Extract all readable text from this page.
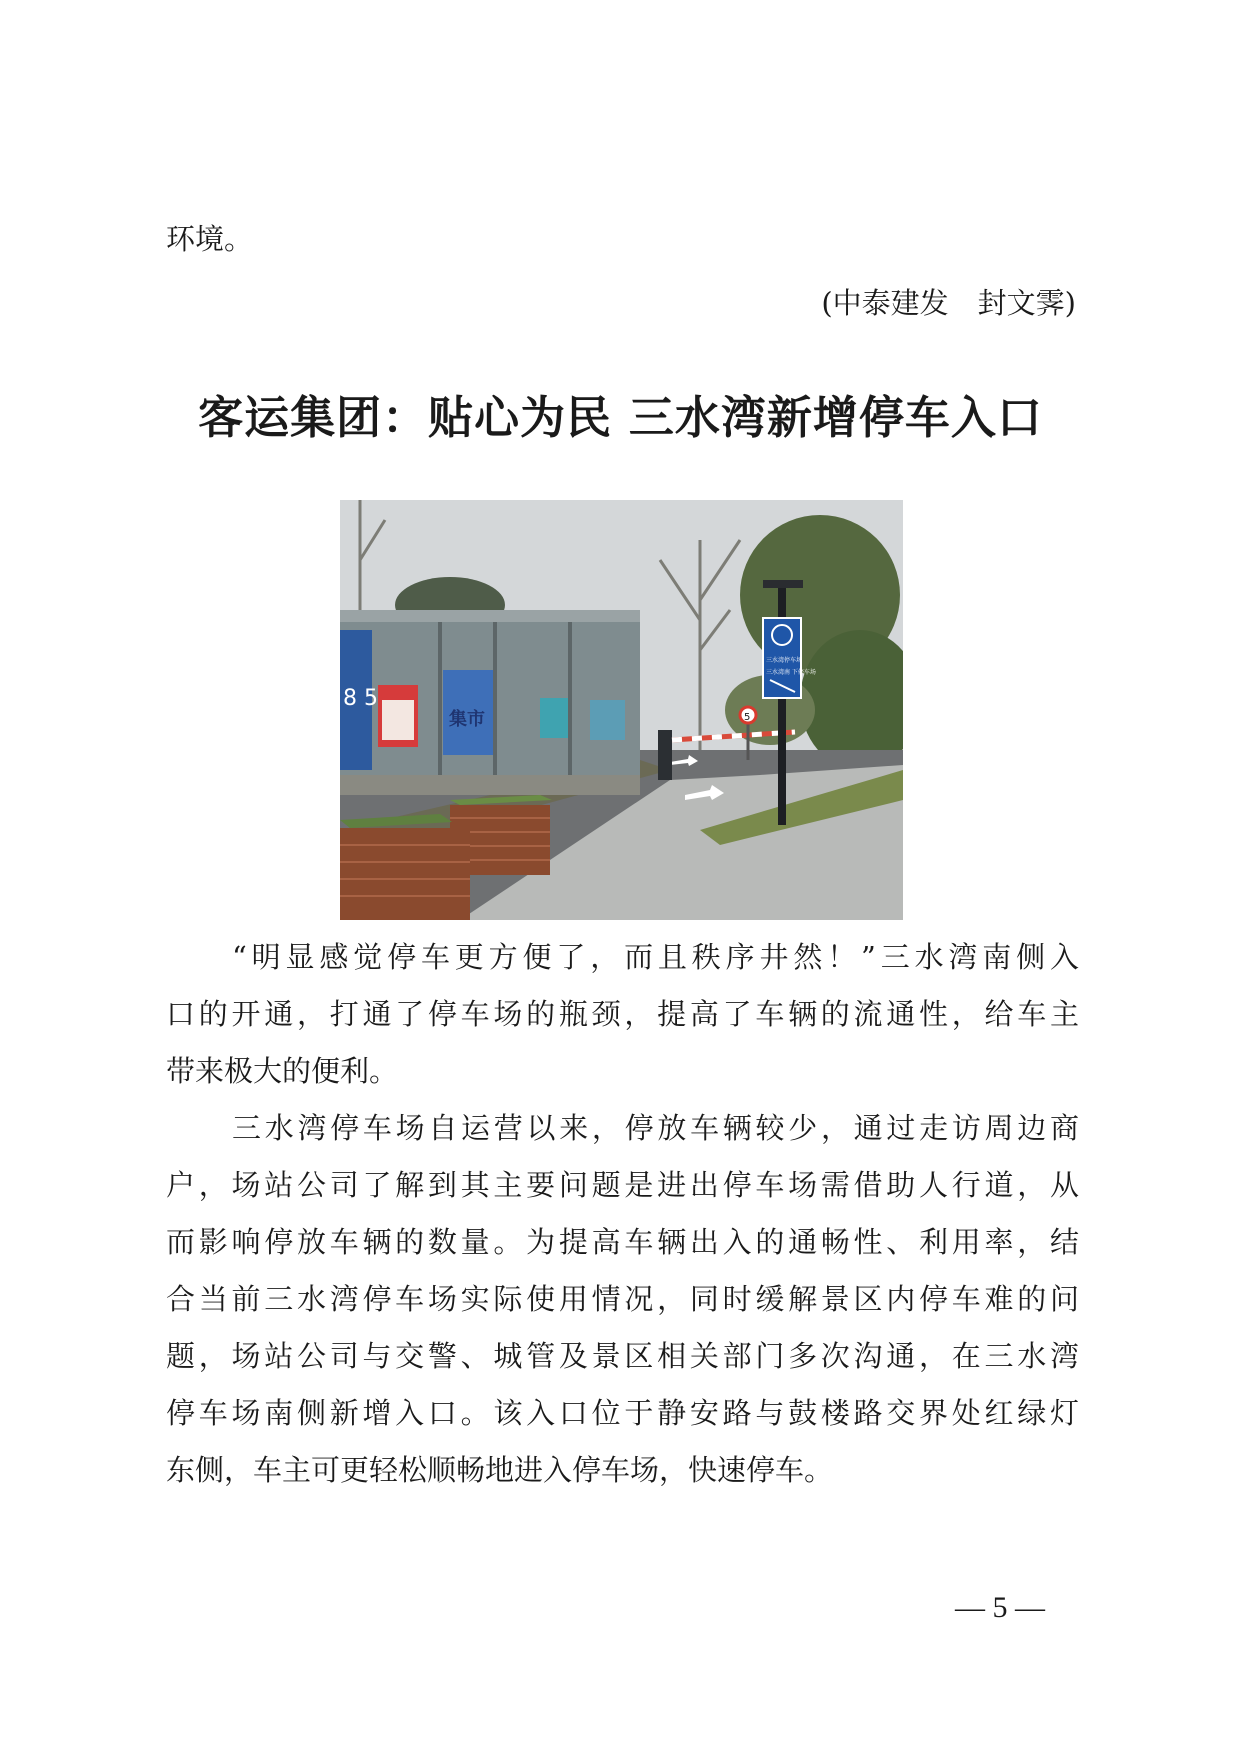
环境。

(中泰建发　封文霁)

客运集团：贴心为民 三水湾新增停车入口
8 5
集市	5
三水湾停车场
三水湾南 下停车场

“明显感觉停车更方便了，而且秩序井然！”三水湾南侧入

口的开通，打通了停车场的瓶颈，提高了车辆的流通性，给车主

带来极大的便利。

三水湾停车场自运营以来，停放车辆较少，通过走访周边商

户，场站公司了解到其主要问题是进出停车场需借助人行道，从

而影响停放车辆的数量。为提高车辆出入的通畅性、利用率，结

合当前三水湾停车场实际使用情况，同时缓解景区内停车难的问

题，场站公司与交警、城管及景区相关部门多次沟通，在三水湾

停车场南侧新增入口。该入口位于静安路与鼓楼路交界处红绿灯

东侧，车主可更轻松顺畅地进入停车场，快速停车。

— 5 —
